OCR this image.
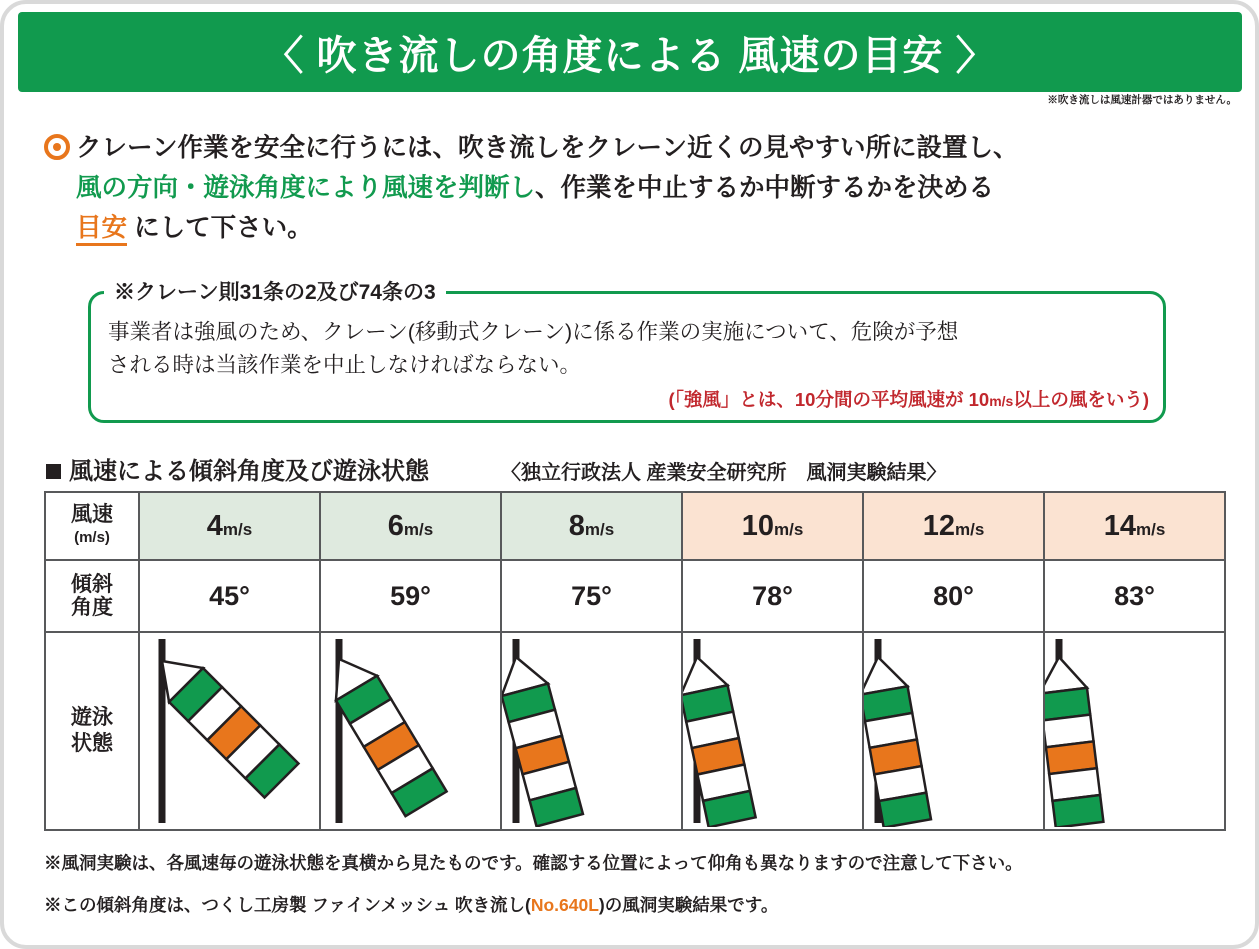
〈 吹き流しの角度による 風速の目安 〉
※吹き流しは風速計器ではありません。
クレーン作業を安全に行うには、吹き流しをクレーン近くの見やすい所に設置し、
風の方向・遊泳角度により風速を判断し、作業を中止するか中断するかを決める
目安 にして下さい。
※クレーン則31条の2及び74条の3
事業者は強風のため、クレーン(移動式クレーン)に係る作業の実施について、危険が予想
される時は当該作業を中止しなければならない。
(「強風」とは、10分間の平均風速が 10m/s以上の風をいう)
風速による傾斜角度及び遊泳状態	〈独立行政法人 産業安全研究所　風洞実験結果〉
風速
(m/s)	4m/s	6m/s	8m/s	10m/s	12m/s	14m/s

傾斜
角度	45°	59°	75°	78°	80°	83°

遊泳
状態

※風洞実験は、各風速毎の遊泳状態を真横から見たものです。確認する位置によって仰角も異なりますので注意して下さい。
※この傾斜角度は、つくし工房製 ファインメッシュ 吹き流し(No.640L)の風洞実験結果です。
